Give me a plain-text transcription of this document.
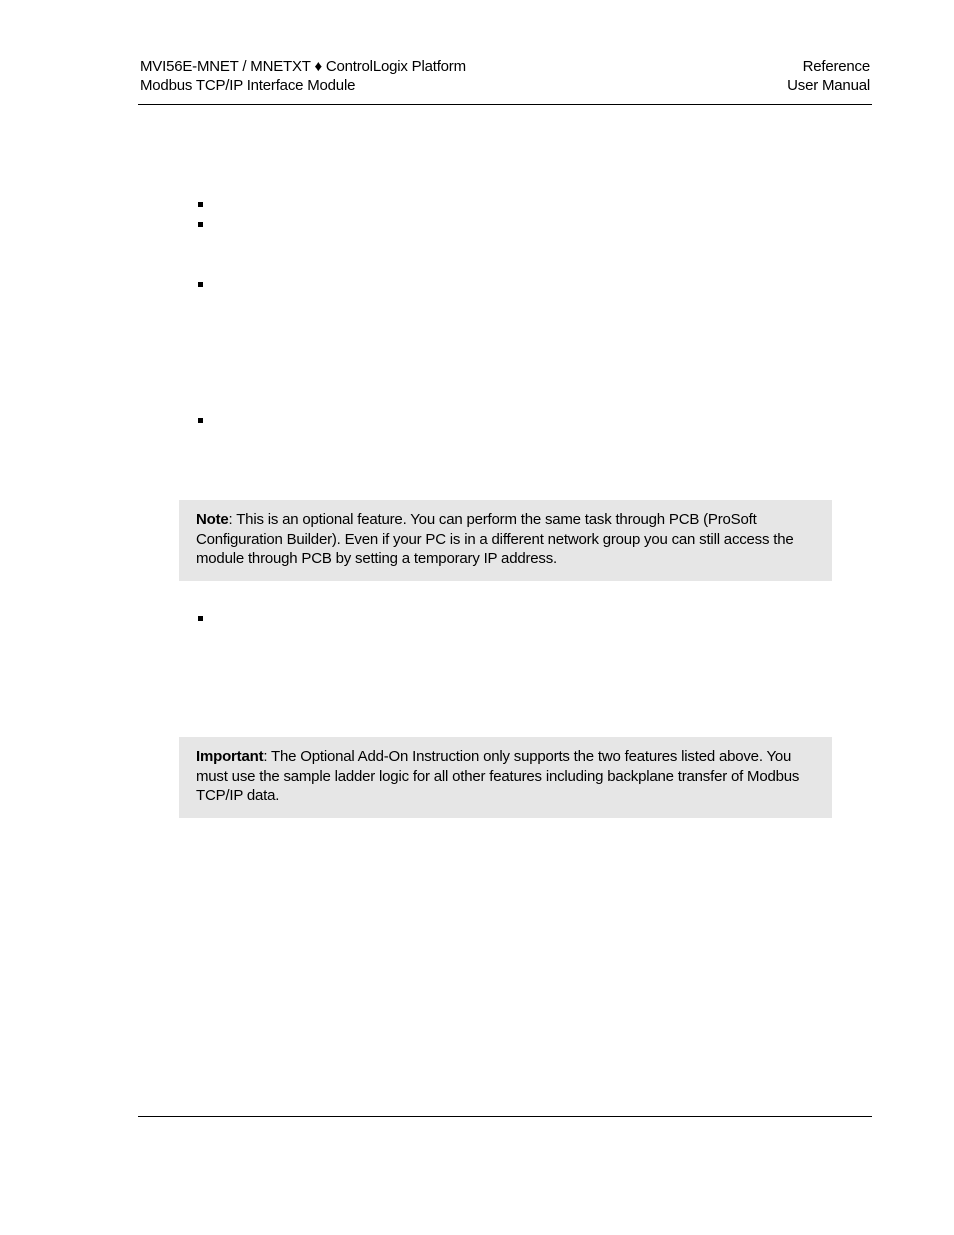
MVI56E-MNET / MNETXT ♦ ControlLogix Platform
Modbus TCP/IP Interface Module
Reference
User Manual
Note: This is an optional feature. You can perform the same task through PCB (ProSoft Configuration Builder). Even if your PC is in a different network group you can still access the module through PCB by setting a temporary IP address.
Important: The Optional Add-On Instruction only supports the two features listed above. You must use the sample ladder logic for all other features including backplane transfer of Modbus TCP/IP data.
